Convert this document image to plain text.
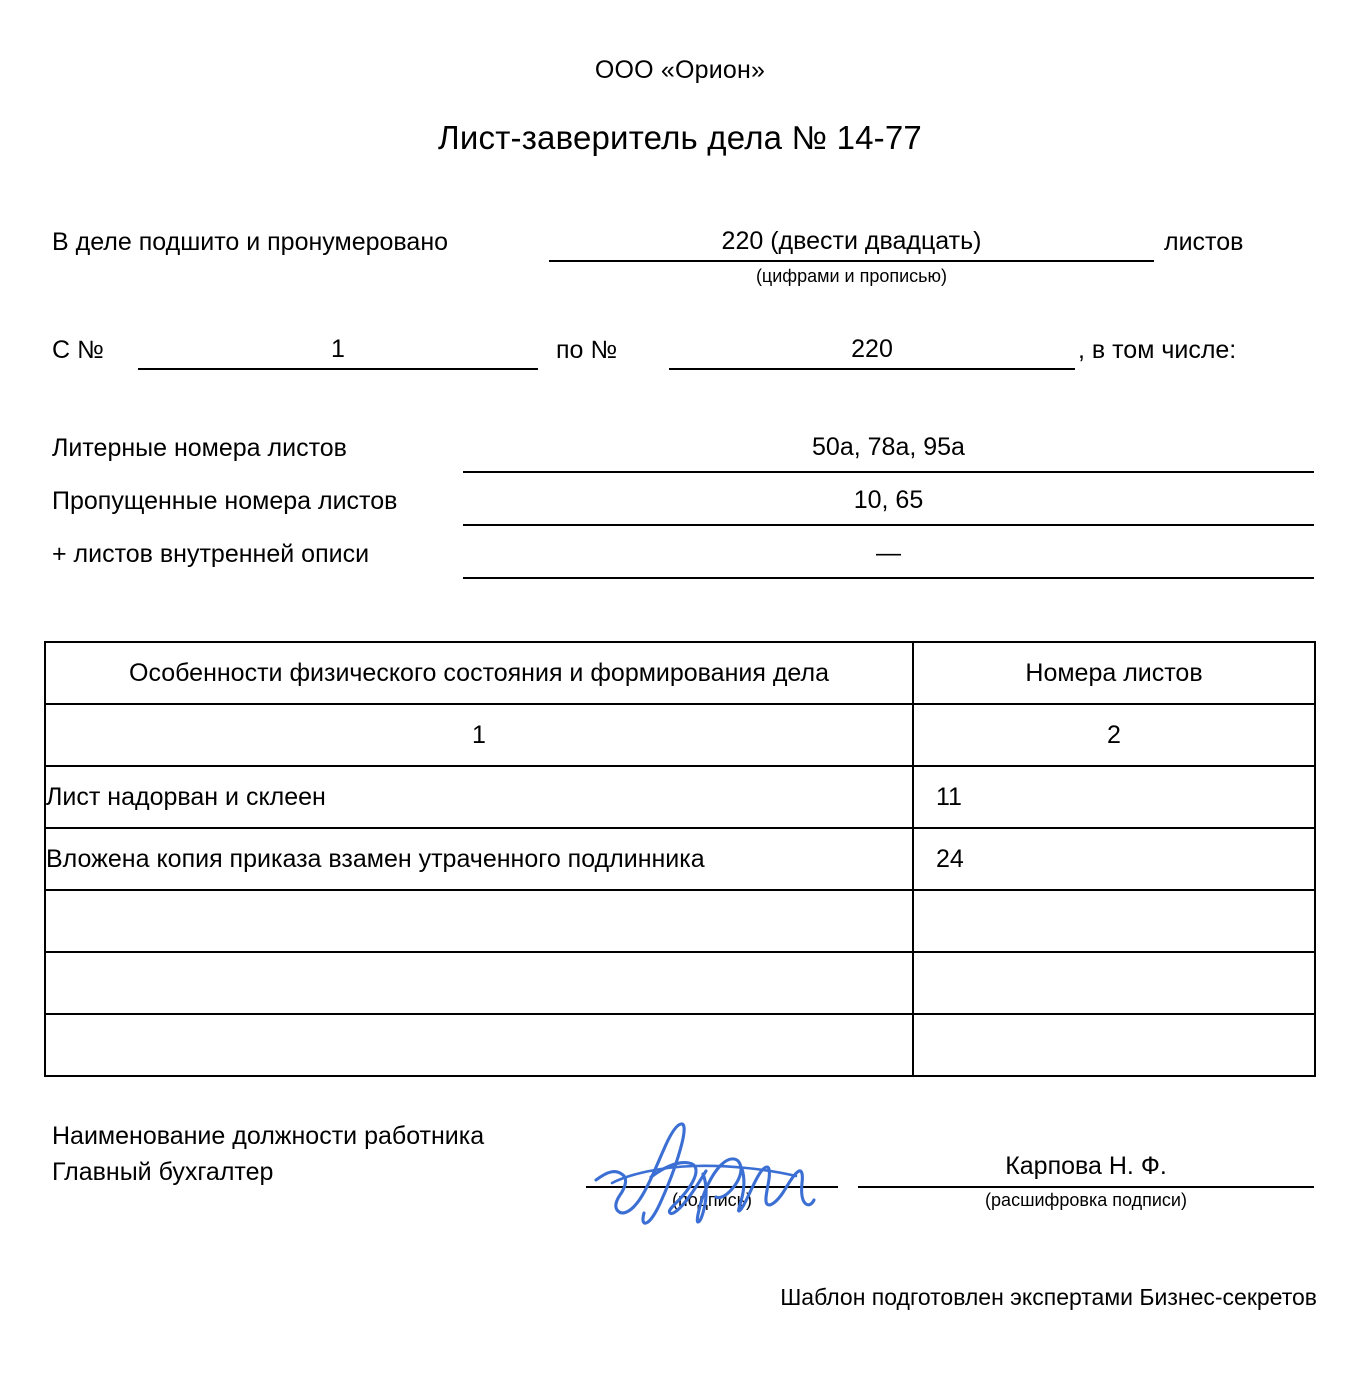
ООО «Орион»
Лист-заверитель дела № 14-77
В деле подшито и пронумеровано	220 (двести двадцать)
(цифрами и прописью)
листов
С №	1	по №	220	, в том числе:
Литерные номера листов	50а, 78а, 95а
Пропущенные номера листов	10, 65
+ листов внутренней описи	—
Особенности физического состояния и формирования дела	Номера листов
1	2
Лист надорван и склеен	11
Вложена копия приказа взамен утраченного подлинника	24

Наименование должности работника
Главный бухгалтер
(подпись)
Карпова Н. Ф.
(расшифровка подписи)
Шаблон подготовлен экспертами Бизнес-секретов
